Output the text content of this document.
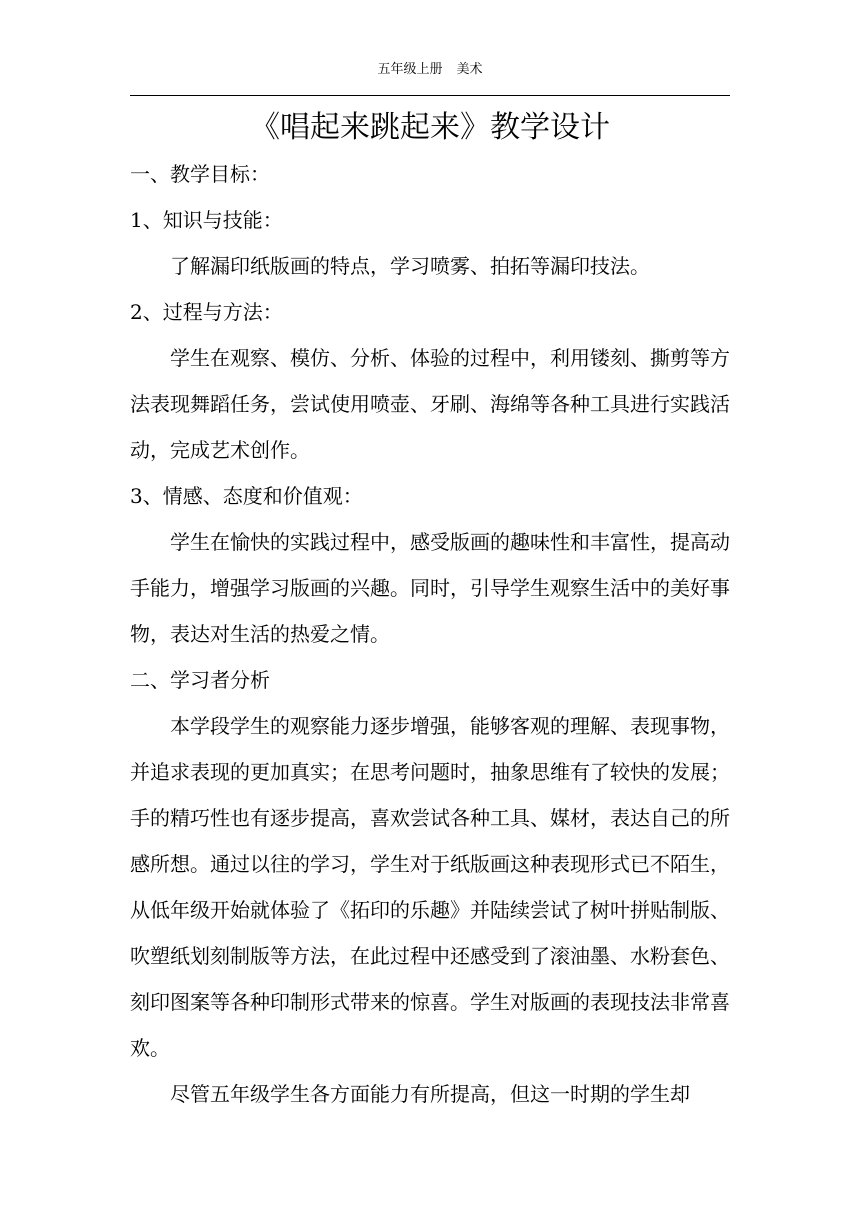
五年级上册 美术
《唱起来跳起来》教学设计

一、教学目标：

1、知识与技能：

了解漏印纸版画的特点，学习喷雾、拍拓等漏印技法。

2、过程与方法：

学生在观察、模仿、分析、体验的过程中，利用镂刻、撕剪等方法表现舞蹈任务，尝试使用喷壶、牙刷、海绵等各种工具进行实践活动，完成艺术创作。

3、情感、态度和价值观：

学生在愉快的实践过程中，感受版画的趣味性和丰富性，提高动手能力，增强学习版画的兴趣。同时，引导学生观察生活中的美好事物，表达对生活的热爱之情。

二、学习者分析

本学段学生的观察能力逐步增强，能够客观的理解、表现事物，并追求表现的更加真实；在思考问题时，抽象思维有了较快的发展；手的精巧性也有逐步提高，喜欢尝试各种工具、媒材，表达自己的所感所想。通过以往的学习，学生对于纸版画这种表现形式已不陌生，从低年级开始就体验了《拓印的乐趣》并陆续尝试了树叶拼贴制版、吹塑纸划刻制版等方法，在此过程中还感受到了滚油墨、水粉套色、刻印图案等各种印制形式带来的惊喜。学生对版画的表现技法非常喜欢。

尽管五年级学生各方面能力有所提高，但这一时期的学生却
